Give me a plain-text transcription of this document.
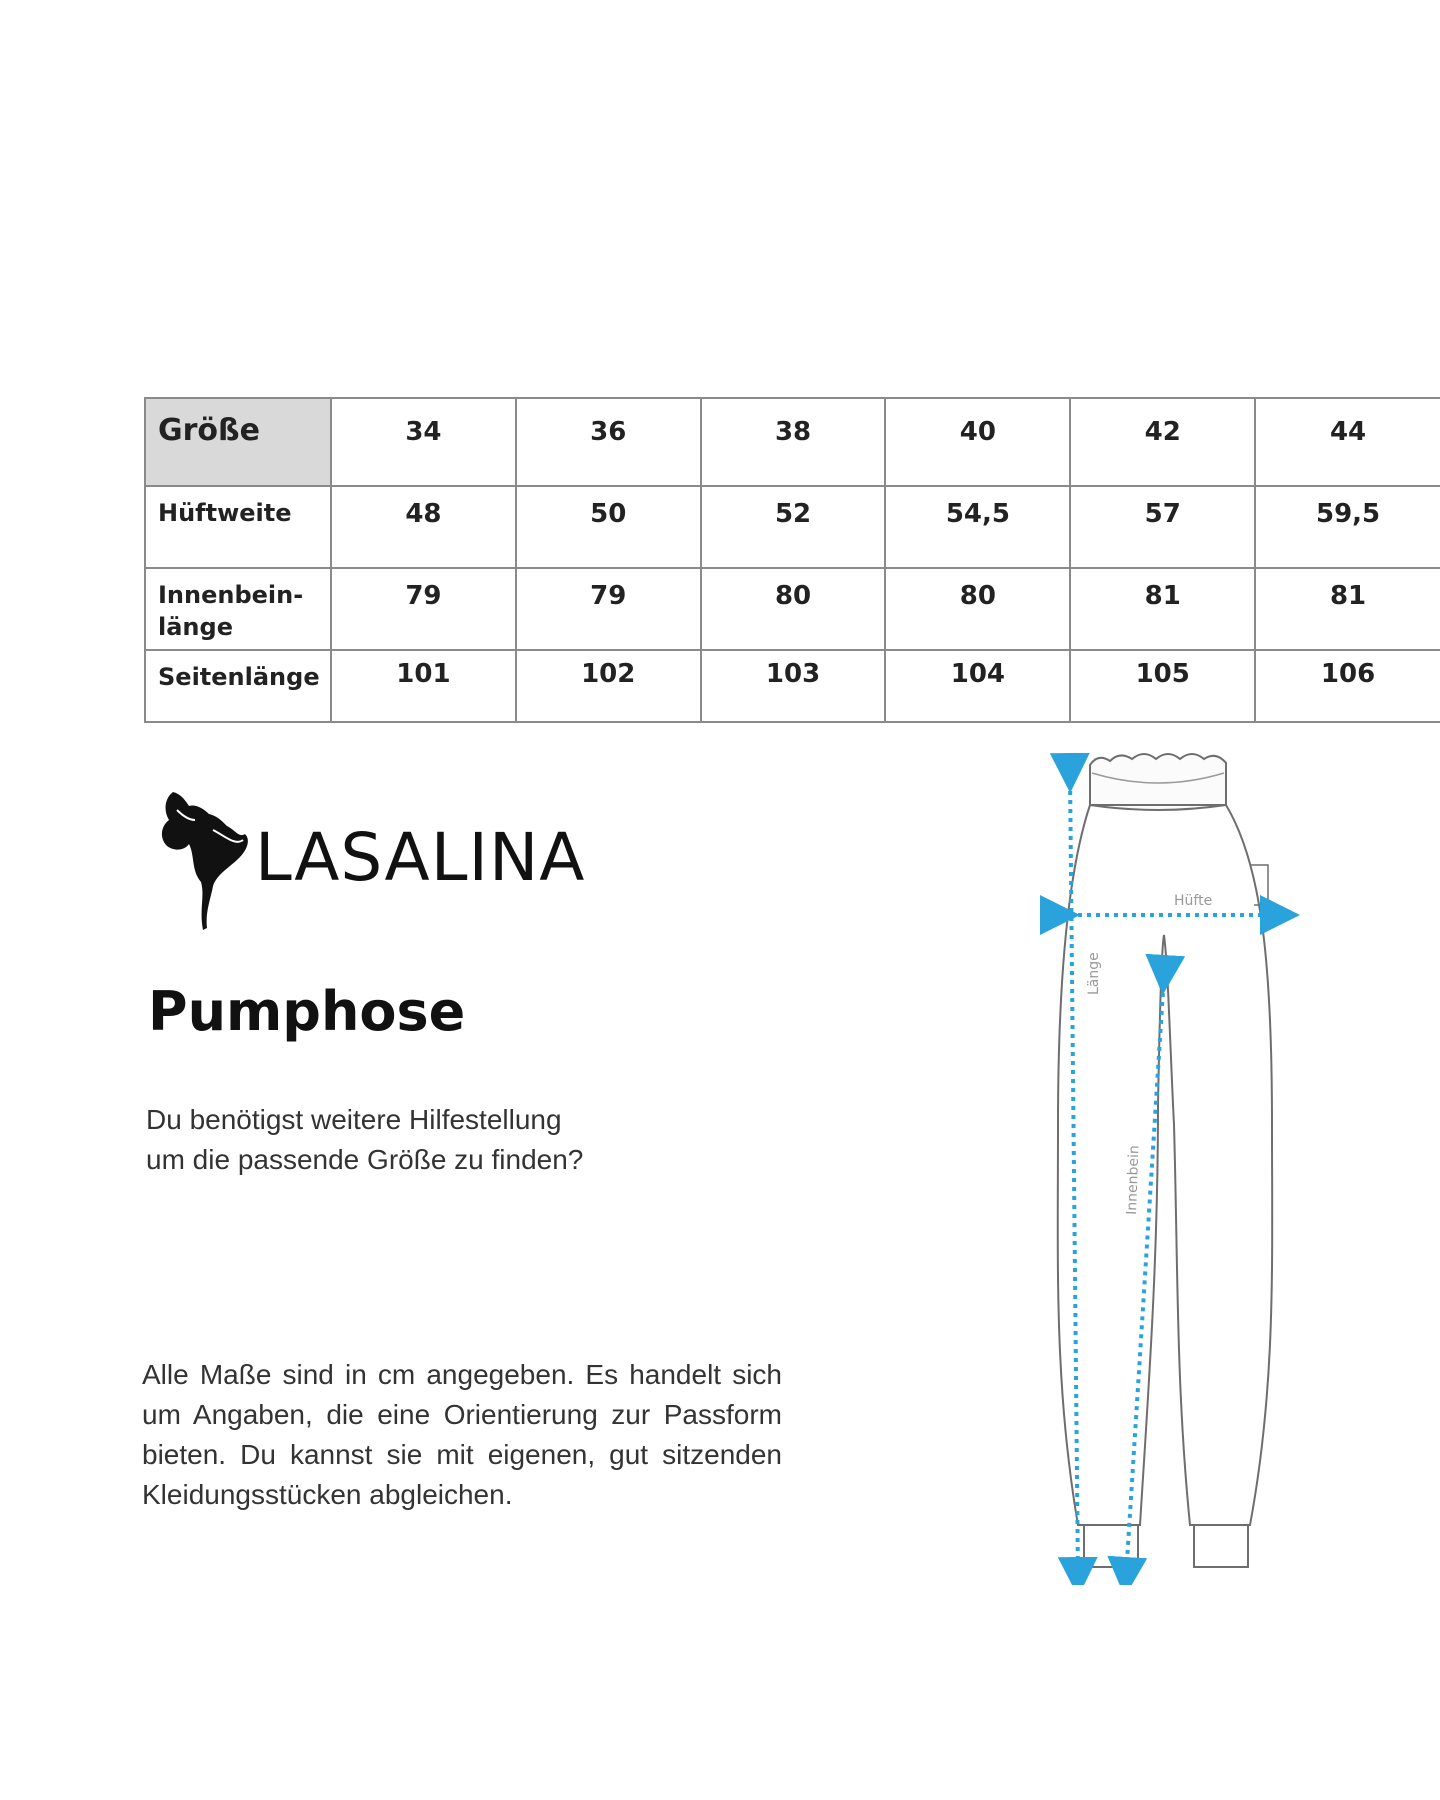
Größe	34	36	38	40	42	44
Hüftweite	48	50	52	54,5	57	59,5

Innenbein-
länge	79	79	80	80	81	81
Seitenlänge	101	102	103	104	105	106
LASALINA
Pumphose

Du benötigst weitere Hilfestellung
um die passende Größe zu finden?

Alle Maße sind in cm angegeben. Es handelt sich um Angaben, die eine Orientierung zur Passform bieten. Du kannst sie mit eigenen, gut sitzenden Kleidungsstücken abgleichen.

Hüfte
Länge
Innenbein
